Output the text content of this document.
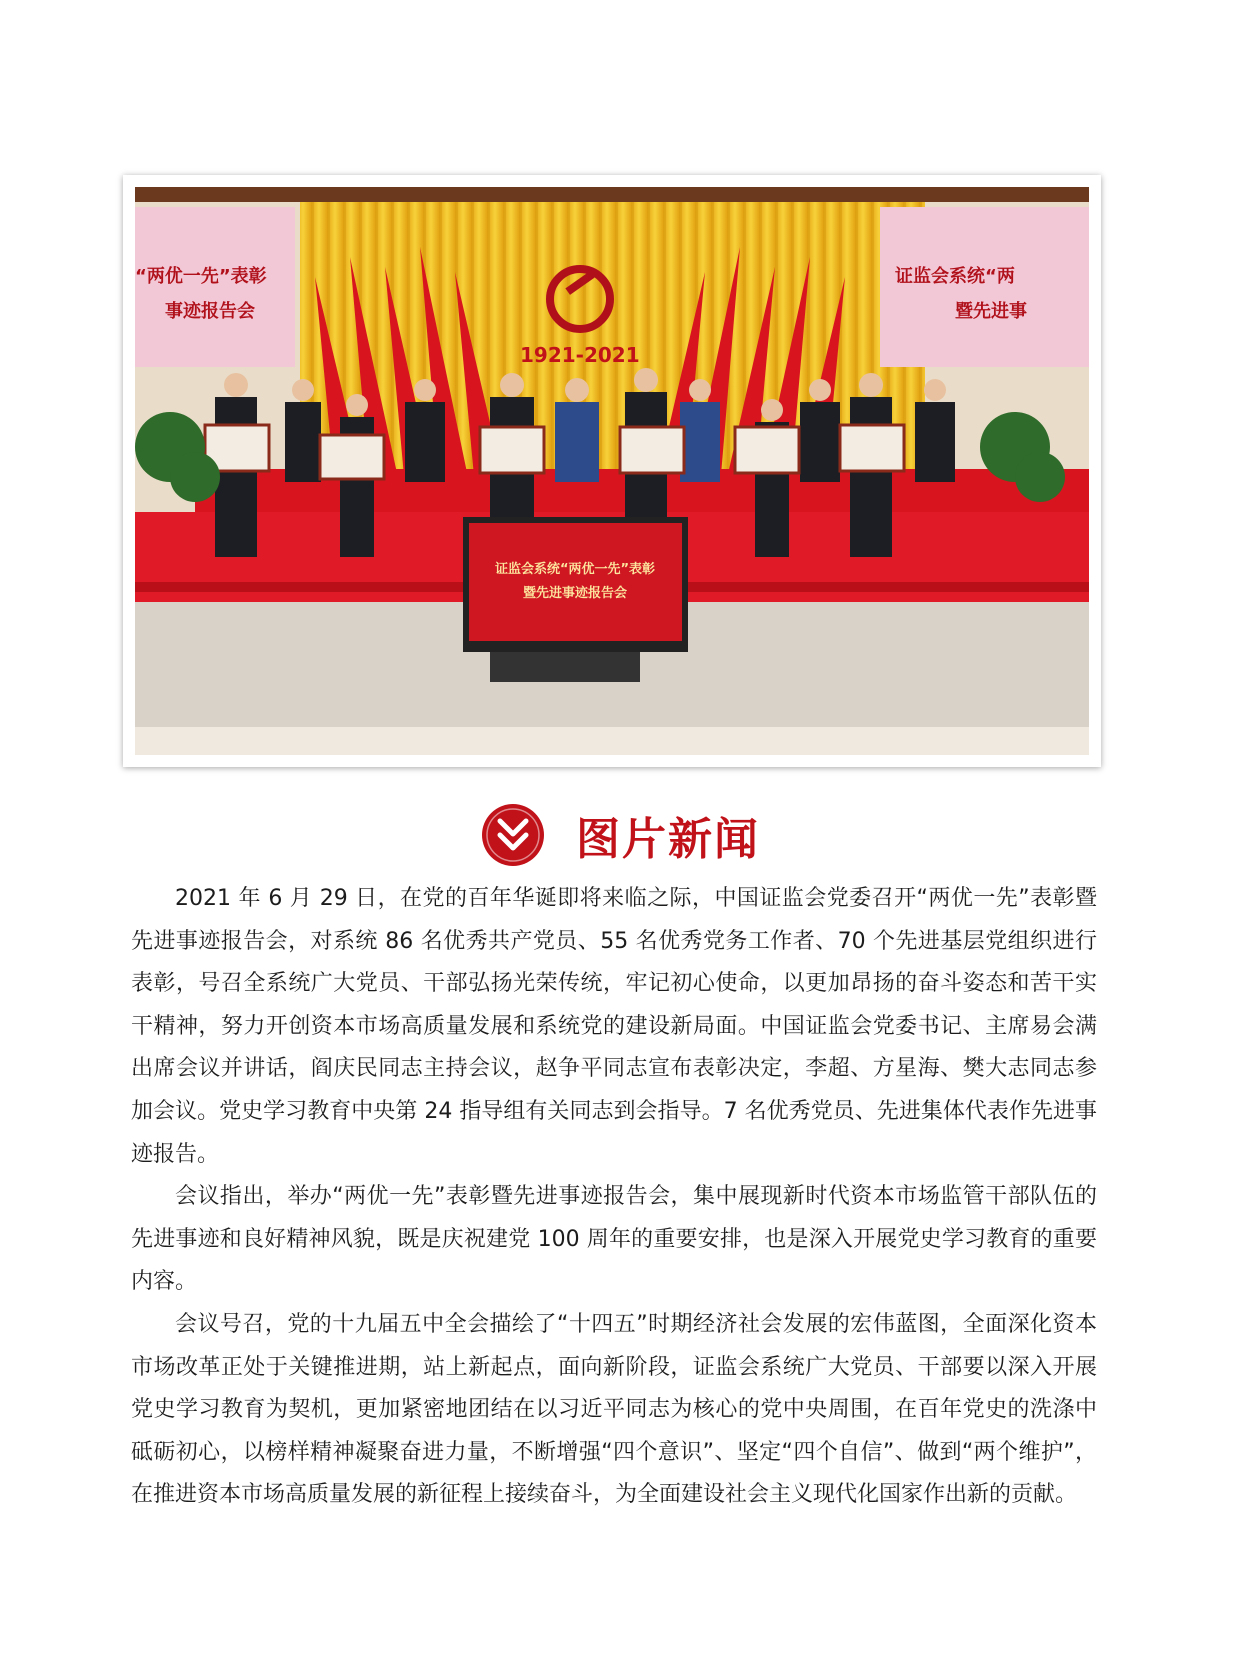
“两优一先”表彰
事迹报告会
证监会系统“两
暨先进事
1921-2021
证监会系统“两优一先”表彰
暨先进事迹报告会
图片新闻

2021 年 6 月 29 日，在党的百年华诞即将来临之际，中国证监会党委召开“两优一先”表彰暨先进事迹报告会，对系统 86 名优秀共产党员、55 名优秀党务工作者、70 个先进基层党组织进行表彰，号召全系统广大党员、干部弘扬光荣传统，牢记初心使命，以更加昂扬的奋斗姿态和苦干实干精神，努力开创资本市场高质量发展和系统党的建设新局面。中国证监会党委书记、主席易会满出席会议并讲话，阎庆民同志主持会议，赵争平同志宣布表彰决定，李超、方星海、樊大志同志参加会议。党史学习教育中央第 24 指导组有关同志到会指导。7 名优秀党员、先进集体代表作先进事迹报告。

会议指出，举办“两优一先”表彰暨先进事迹报告会，集中展现新时代资本市场监管干部队伍的先进事迹和良好精神风貌，既是庆祝建党 100 周年的重要安排，也是深入开展党史学习教育的重要内容。

会议号召，党的十九届五中全会描绘了“十四五”时期经济社会发展的宏伟蓝图，全面深化资本市场改革正处于关键推进期，站上新起点，面向新阶段，证监会系统广大党员、干部要以深入开展党史学习教育为契机，更加紧密地团结在以习近平同志为核心的党中央周围，在百年党史的洗涤中砥砺初心，以榜样精神凝聚奋进力量，不断增强“四个意识”、坚定“四个自信”、做到“两个维护”，在推进资本市场高质量发展的新征程上接续奋斗，为全面建设社会主义现代化国家作出新的贡献。
